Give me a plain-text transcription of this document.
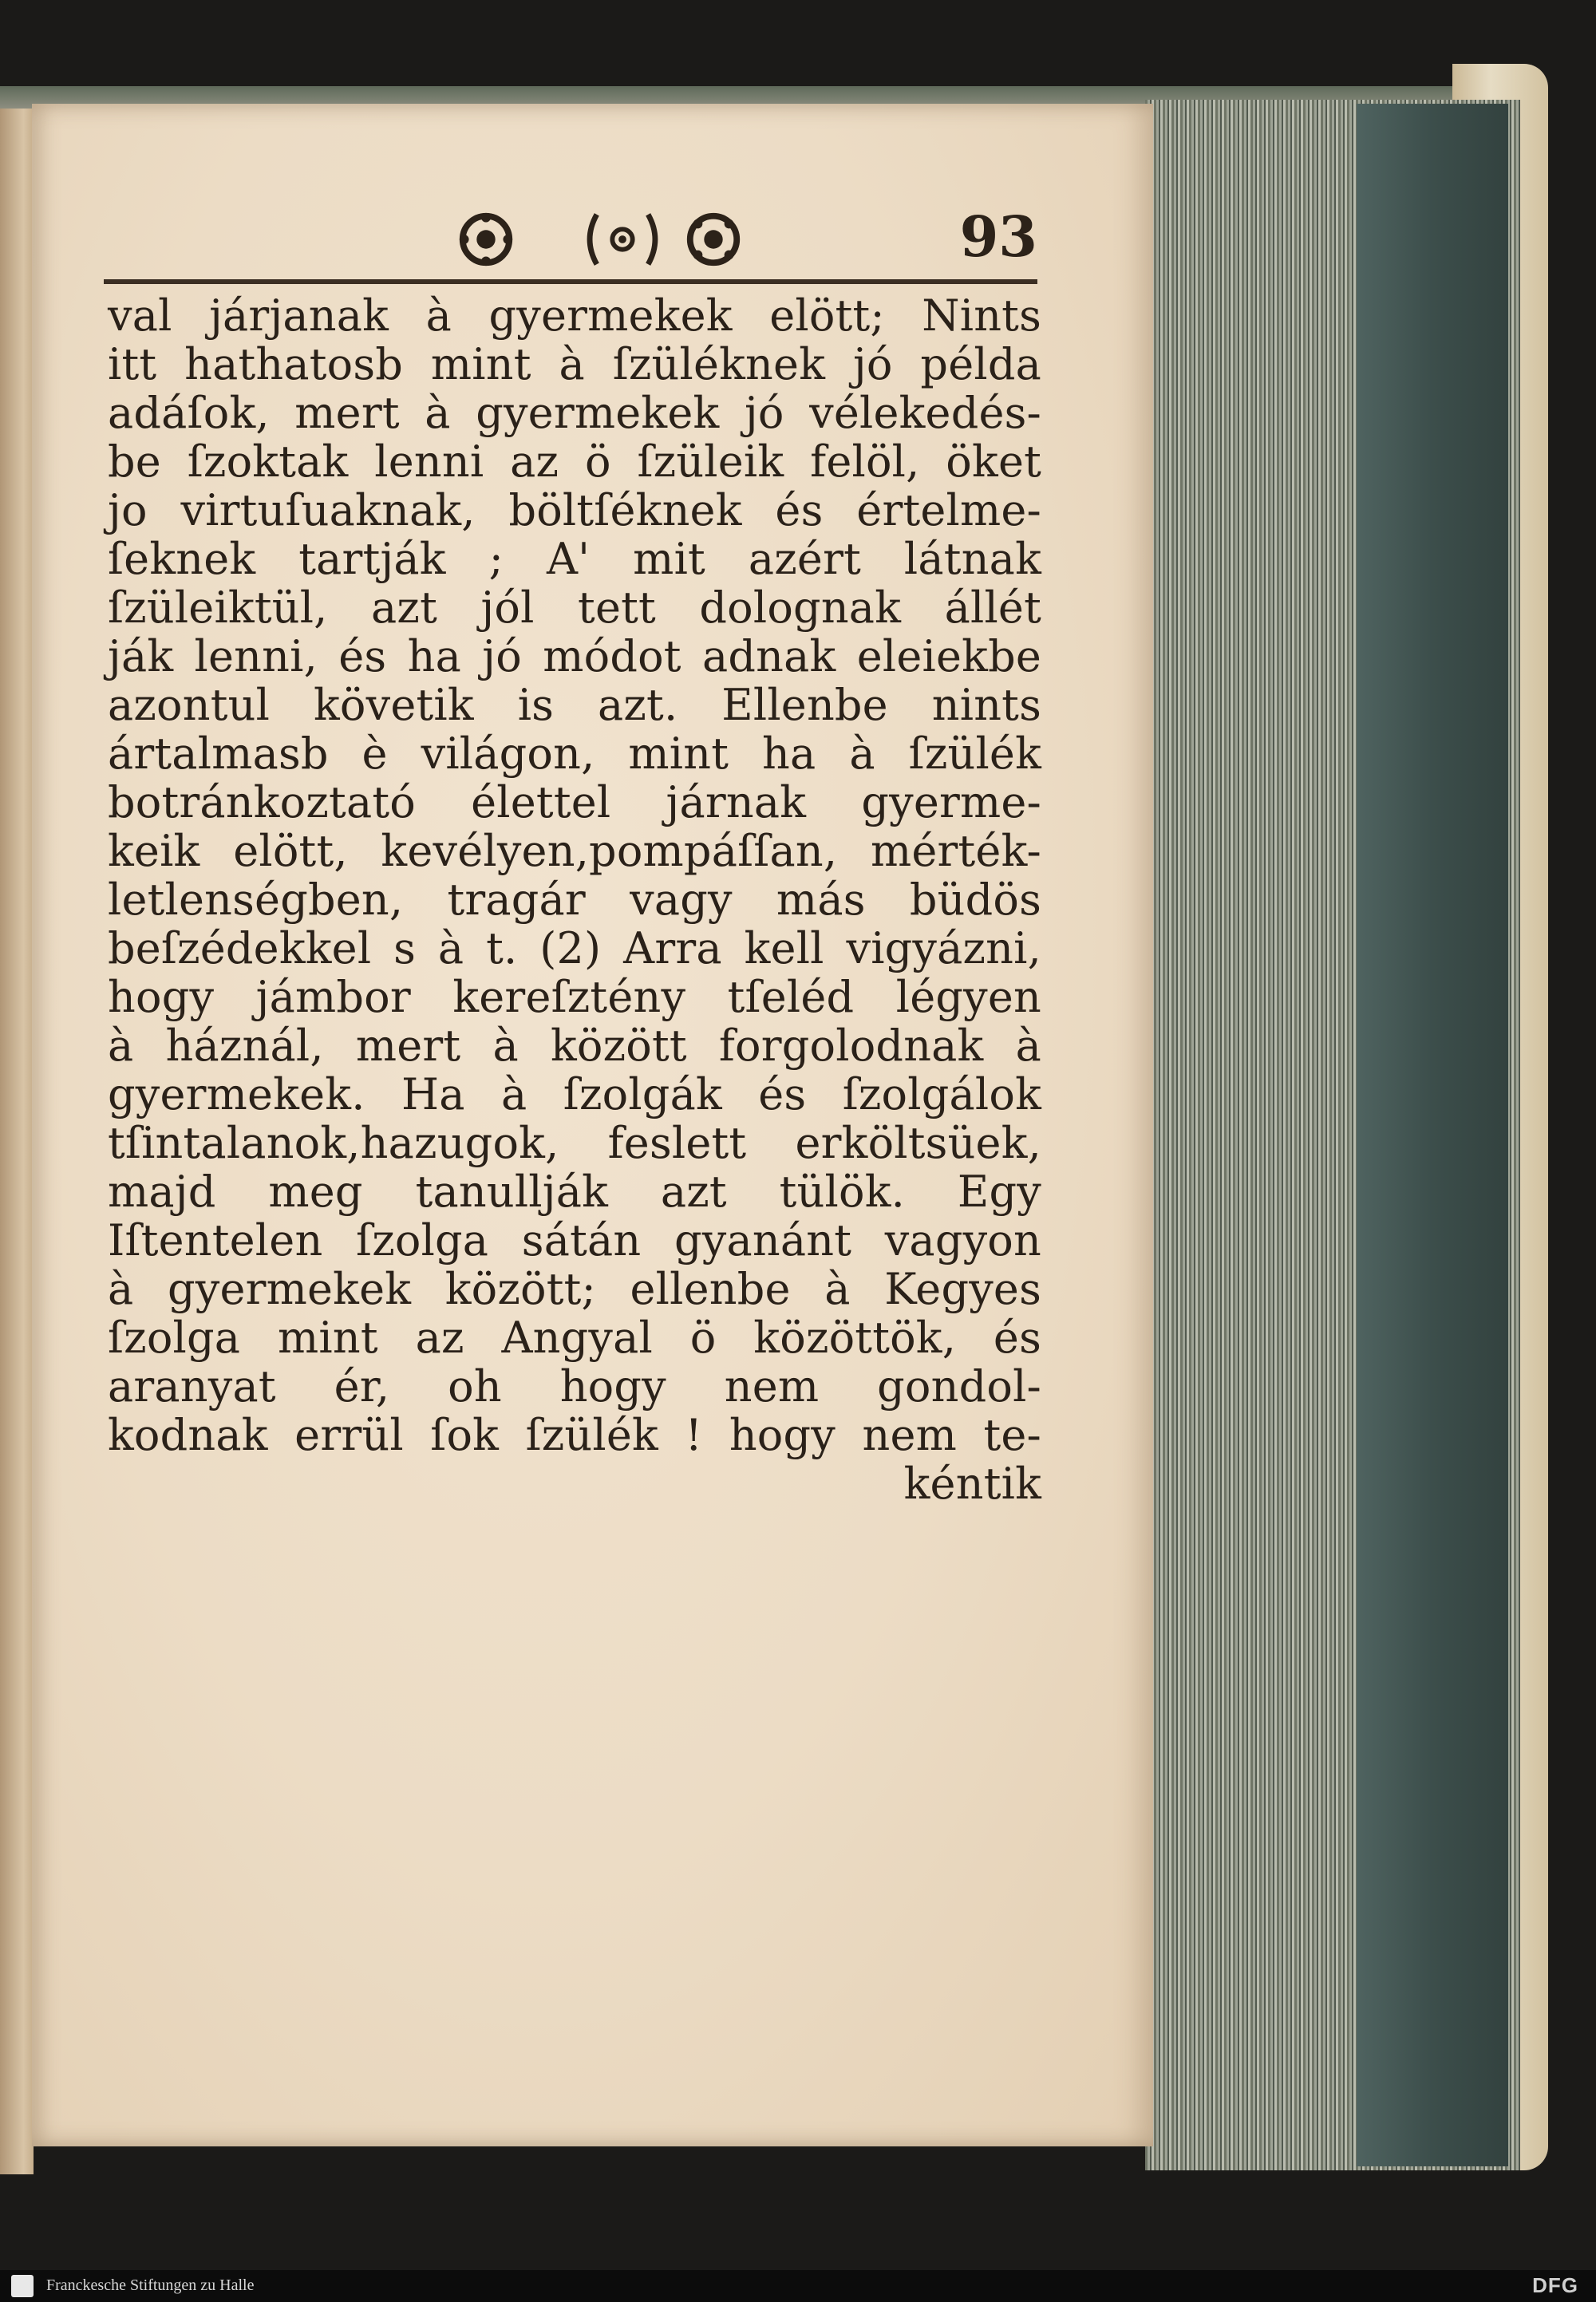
93
val járjanak à gyermekek elött; Nints
itt hathatosb mint à ſzüléknek jó példa
adáſok, mert à gyermekek jó vélekedés-
be ſzoktak lenni az ö ſzüleik felöl, öket
jo virtuſuaknak, böltſéknek és értelme-
ſeknek tartják ; A' mit azért látnak
ſzüleiktül, azt jól tett dolognak állét
ják lenni, és ha jó módot adnak eleiekbe
azontul követik is azt. Ellenbe nints
ártalmasb è világon, mint ha à ſzülék
botránkoztató élettel járnak gyerme-
keik elött, kevélyen,pompáſſan, mérték-
letlenségben, tragár vagy más büdös
beſzédekkel s à t. (2) Arra kell vigyázni,
hogy jámbor kereſztény tſeléd légyen
à háznál, mert à között forgolodnak à
gyermekek. Ha à ſzolgák és ſzolgálok
tſintalanok,hazugok, feslett erköltsüek,
majd meg tanullják azt tülök. Egy
Iſtentelen ſzolga sátán gyanánt vagyon
à gyermekek között; ellenbe à Kegyes
ſzolga mint az Angyal ö közöttök, és
aranyat ér, oh hogy nem gondol-
kodnak errül ſok ſzülék ! hogy nem te-
kéntik
Franckesche Stiftungen zu Halle	DFG
